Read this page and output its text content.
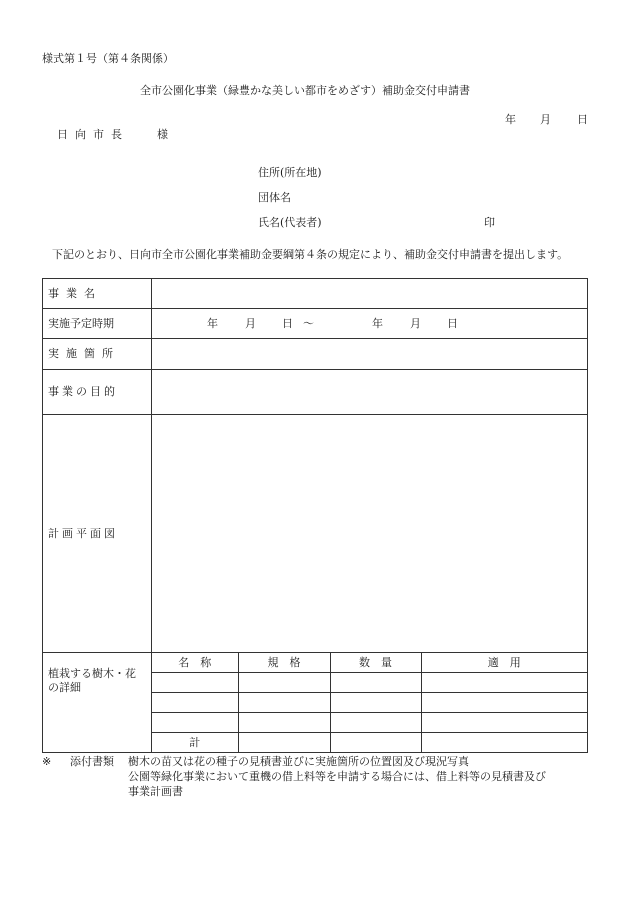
様式第１号（第４条関係）
全市公園化事業（緑豊かな美しい都市をめざす）補助金交付申請書
年 月 日
日向市長	様
住所(所在地)
団体名
氏名(代表者)	印
下記のとおり、日向市全市公園化事業補助金要綱第４条の規定により、補助金交付申請書を提出します。
事業名	
実施予定時期	年 月 日 ～	年 月 日

実施箇所	
事業の目的	
計画平面図	
植栽する樹木・花の詳細	
名　称	規　格	数　量	適　用

計			
※ 添付書類 樹木の苗又は花の種子の見積書並びに実施箇所の位置図及び現況写真
公園等緑化事業において重機の借上料等を申請する場合には、借上料等の見積書及び
事業計画書
